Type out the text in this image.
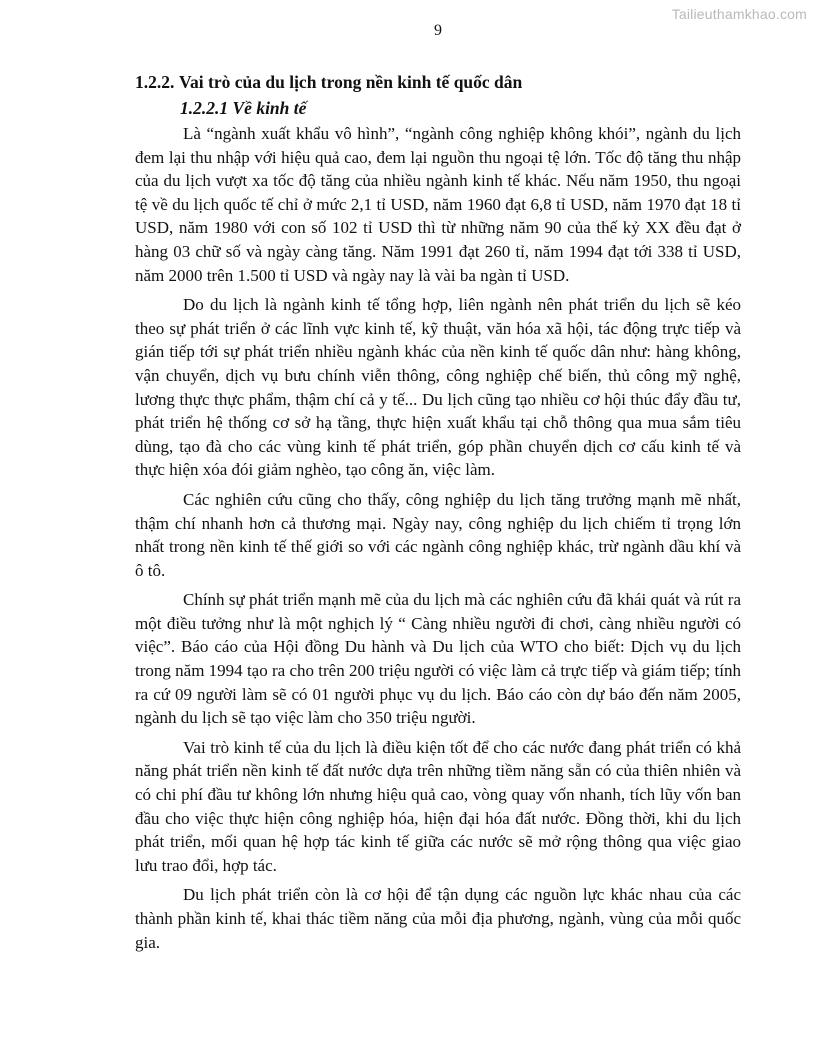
Tailieuthamkhao.com
9
1.2.2. Vai trò của du lịch trong nền kinh tế quốc dân
1.2.2.1 Về kinh tế

Là “ngành xuất khẩu vô hình”, “ngành công nghiệp không khói”, ngành du lịch đem lại thu nhập với hiệu quả cao, đem lại nguồn thu ngoại tệ lớn. Tốc độ tăng thu nhập của du lịch vượt xa tốc độ tăng của nhiều ngành kinh tế khác. Nếu năm 1950, thu ngoại tệ về du lịch quốc tế chỉ ở mức 2,1 tỉ USD, năm 1960 đạt 6,8 tỉ USD, năm 1970 đạt 18 tỉ USD, năm 1980 với con số 102 tỉ USD thì từ những năm 90 của thế kỷ XX đều đạt ở hàng 03 chữ số và ngày càng tăng. Năm 1991 đạt 260 tỉ, năm 1994 đạt tới 338 tỉ USD, năm 2000 trên 1.500 tỉ USD và ngày nay là vài ba ngàn tỉ USD.

Do du lịch là ngành kinh tế tổng hợp, liên ngành nên phát triển du lịch sẽ kéo theo sự phát triển ở các lĩnh vực kinh tế, kỹ thuật, văn hóa xã hội, tác động trực tiếp và gián tiếp tới sự phát triển nhiều ngành khác của nền kinh tế quốc dân như: hàng không, vận chuyển, dịch vụ bưu chính viễn thông, công nghiệp chế biến, thủ công mỹ nghệ, lương thực thực phẩm, thậm chí cả y tế... Du lịch cũng tạo nhiều cơ hội thúc đẩy đầu tư, phát triển hệ thống cơ sở hạ tầng, thực hiện xuất khẩu tại chỗ thông qua mua sắm tiêu dùng, tạo đà cho các vùng kinh tế phát triển, góp phần chuyển dịch cơ cấu kinh tế và thực hiện xóa đói giảm nghèo, tạo công ăn, việc làm.

Các nghiên cứu cũng cho thấy, công nghiệp du lịch tăng trưởng mạnh mẽ nhất, thậm chí nhanh hơn cả thương mại. Ngày nay, công nghiệp du lịch chiếm tỉ trọng lớn nhất trong nền kinh tế thế giới so với các ngành công nghiệp khác, trừ ngành dầu khí và ô tô.

Chính sự phát triển mạnh mẽ của du lịch mà các nghiên cứu đã khái quát và rút ra một điều tưởng như là một nghịch lý “ Càng nhiều người đi chơi, càng nhiều người có việc”. Báo cáo của Hội đồng Du hành và Du lịch của WTO cho biết: Dịch vụ du lịch trong năm 1994 tạo ra cho trên 200 triệu người có việc làm cả trực tiếp và giám tiếp; tính ra cứ 09 người làm sẽ có 01 người phục vụ du lịch. Báo cáo còn dự báo đến năm 2005, ngành du lịch sẽ tạo việc làm cho 350 triệu người.

Vai trò kinh tế của du lịch là điều kiện tốt để cho các nước đang phát triển có khả năng phát triển nền kinh tế đất nước dựa trên những tiềm năng sẵn có của thiên nhiên và có chi phí đầu tư không lớn nhưng hiệu quả cao, vòng quay vốn nhanh, tích lũy vốn ban đầu cho việc thực hiện công nghiệp hóa, hiện đại hóa đất nước. Đồng thời, khi du lịch phát triển, mối quan hệ hợp tác kinh tế giữa các nước sẽ mở rộng thông qua việc giao lưu trao đổi, hợp tác.

Du lịch phát triển còn là cơ hội để tận dụng các nguồn lực khác nhau của các thành phần kinh tế, khai thác tiềm năng của mỗi địa phương, ngành, vùng của mỗi quốc gia.
